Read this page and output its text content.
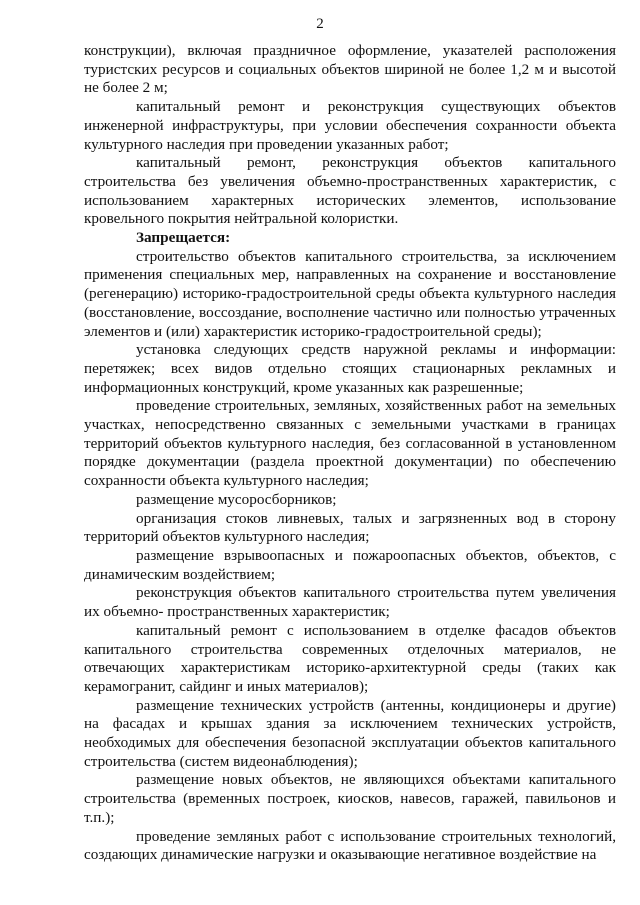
2

конструкции), включая праздничное оформление, указателей расположения туристских ресурсов и социальных объектов шириной не более 1,2 м и высотой не более 2 м;

капитальный ремонт и реконструкция существующих объектов инженерной инфраструктуры, при условии обеспечения сохранности объекта культурного наследия при проведении указанных работ;

капитальный ремонт, реконструкция объектов капитального строительства без увеличения объемно-пространственных характеристик, с использованием характерных исторических элементов, использование кровельного покрытия нейтральной колористки.

Запрещается:

строительство объектов капитального строительства, за исключением применения специальных мер, направленных на сохранение и восстановление (регенерацию) историко-градостроительной среды объекта культурного наследия (восстановление, воссоздание, восполнение частично или полностью утраченных элементов и (или) характеристик историко-градостроительной среды);

установка следующих средств наружной рекламы и информации: перетяжек; всех видов отдельно стоящих стационарных рекламных и информационных конструкций, кроме указанных как разрешенные;

проведение строительных, земляных, хозяйственных работ на земельных участках, непосредственно связанных с земельными участками в границах территорий объектов культурного наследия, без согласованной в установленном порядке документации (раздела проектной документации) по обеспечению сохранности объекта культурного наследия;

размещение мусоросборников;

организация стоков ливневых, талых и загрязненных вод в сторону территорий объектов культурного наследия;

размещение взрывоопасных и пожароопасных объектов, объектов, с динамическим воздействием;

реконструкция объектов капитального строительства путем увеличения их объемно- пространственных характеристик;

капитальный ремонт с использованием в отделке фасадов объектов капитального строительства современных отделочных материалов, не отвечающих характеристикам историко-архитектурной среды (таких как керамогранит, сайдинг и иных материалов);

размещение технических устройств (антенны, кондиционеры и другие) на фасадах и крышах здания за исключением технических устройств, необходимых для обеспечения безопасной эксплуатации объектов капитального строительства (систем видеонаблюдения);

размещение новых объектов, не являющихся объектами капитального строительства (временных построек, киосков, навесов, гаражей, павильонов и т.п.);

проведение земляных работ с использование строительных технологий, создающих динамические нагрузки и оказывающие негативное воздействие на
